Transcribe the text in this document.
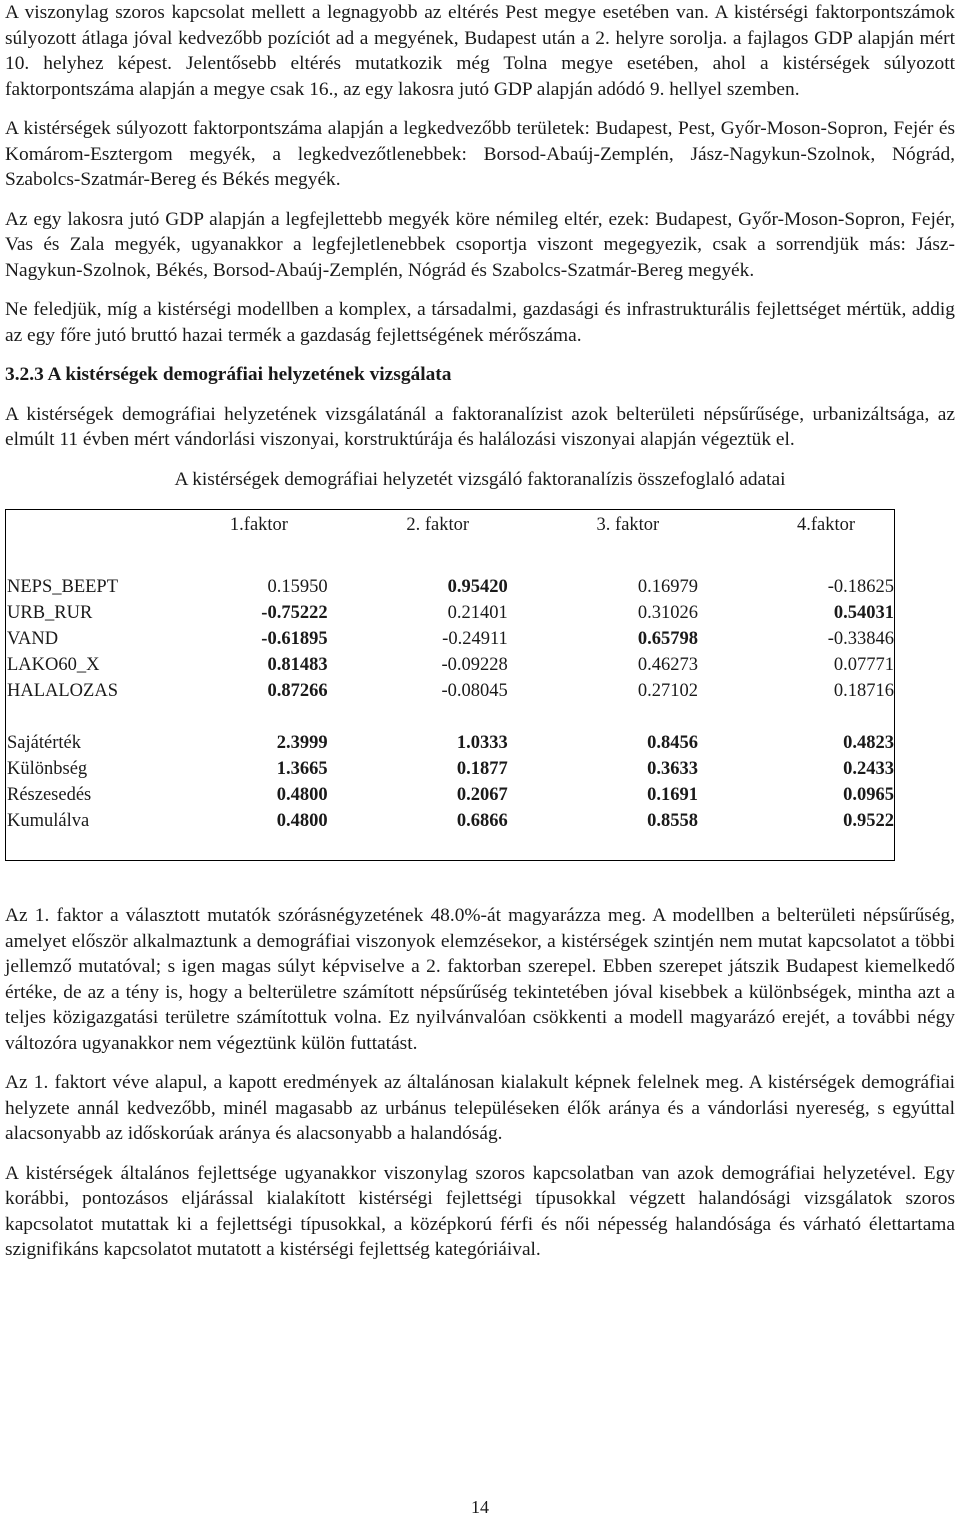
A viszonylag szoros kapcsolat mellett a legnagyobb az eltérés Pest megye esetében van. A kistérségi faktorpontszámok súlyozott átlaga jóval kedvezőbb pozíciót ad a megyének, Budapest után a 2. helyre sorolja. a fajlagos GDP alapján mért 10. helyhez képest. Jelentősebb eltérés mutatkozik még Tolna megye esetében, ahol a kistérségek súlyozott faktorpontszáma alapján a megye csak 16., az egy lakosra jutó GDP alapján adódó 9. hellyel szemben.

A kistérségek súlyozott faktorpontszáma alapján a legkedvezőbb területek: Budapest, Pest, Győr-Moson-Sopron, Fejér és Komárom-Esztergom megyék, a legkedvezőtlenebbek: Borsod-Abaúj-Zemplén, Jász-Nagykun-Szolnok, Nógrád, Szabolcs-Szatmár-Bereg és Békés megyék.

Az egy lakosra jutó GDP alapján a legfejlettebb megyék köre némileg eltér, ezek: Budapest, Győr-Moson-Sopron, Fejér, Vas és Zala megyék, ugyanakkor a legfejletlenebbek csoportja viszont megegyezik, csak a sorrendjük más: Jász-Nagykun-Szolnok, Békés, Borsod-Abaúj-Zemplén, Nógrád és Szabolcs-Szatmár-Bereg megyék.

Ne feledjük, míg a kistérségi modellben a komplex, a társadalmi, gazdasági és infrastrukturális fejlettséget mértük, addig az egy főre jutó bruttó hazai termék a gazdaság fejlettségének mérőszáma.

3.2.3 A kistérségek demográfiai helyzetének vizsgálata

A kistérségek demográfiai helyzetének vizsgálatánál a faktoranalízist azok belterületi népsűrűsége, urbanizáltsága, az elmúlt 11 évben mért vándorlási viszonyai, korstruktúrája és halálozási viszonyai alapján végeztük el.

A kistérségek demográfiai helyzetét vizsgáló faktoranalízis összefoglaló adatai

	1.faktor	2. faktor	3. faktor	4.faktor

NEPS_BEEPT	0.15950	0.95420	0.16979	-0.18625
URB_RUR	-0.75222	0.21401	0.31026	0.54031
VAND	-0.61895	-0.24911	0.65798	-0.33846
LAKO60_X	0.81483	-0.09228	0.46273	0.07771
HALALOZAS	0.87266	-0.08045	0.27102	0.18716

Sajátérték	2.3999	1.0333	0.8456	0.4823
Különbség	1.3665	0.1877	0.3633	0.2433
Részesedés	0.4800	0.2067	0.1691	0.0965
Kumulálva	0.4800	0.6866	0.8558	0.9522

Az 1. faktor a választott mutatók szórásnégyzetének 48.0%-át magyarázza meg. A modellben a belterületi népsűrűség, amelyet először alkalmaztunk a demográfiai viszonyok elemzésekor, a kistérségek szintjén nem mutat kapcsolatot a többi jellemző mutatóval; s igen magas súlyt képviselve a 2. faktorban szerepel. Ebben szerepet játszik Budapest kiemelkedő értéke, de az a tény is, hogy a belterületre számított népsűrűség tekintetében jóval kisebbek a különbségek, mintha azt a teljes közigazgatási területre számítottuk volna. Ez nyilvánvalóan csökkenti a modell magyarázó erejét, a további négy változóra ugyanakkor nem végeztünk külön futtatást.

Az 1. faktort véve alapul, a kapott eredmények az általánosan kialakult képnek felelnek meg. A kistérségek demográfiai helyzete annál kedvezőbb, minél magasabb az urbánus településeken élők aránya és a vándorlási nyereség, s egyúttal alacsonyabb az időskorúak aránya és alacsonyabb a halandóság.

A kistérségek általános fejlettsége ugyanakkor viszonylag szoros kapcsolatban van azok demográfiai helyzetével. Egy korábbi, pontozásos eljárással kialakított kistérségi fejlettségi típusokkal végzett halandósági vizsgálatok szoros kapcsolatot mutattak ki a fejlettségi típusokkal, a középkorú férfi és női népesség halandósága és várható élettartama szignifikáns kapcsolatot mutatott a kistérségi fejlettség kategóriáival.

14
